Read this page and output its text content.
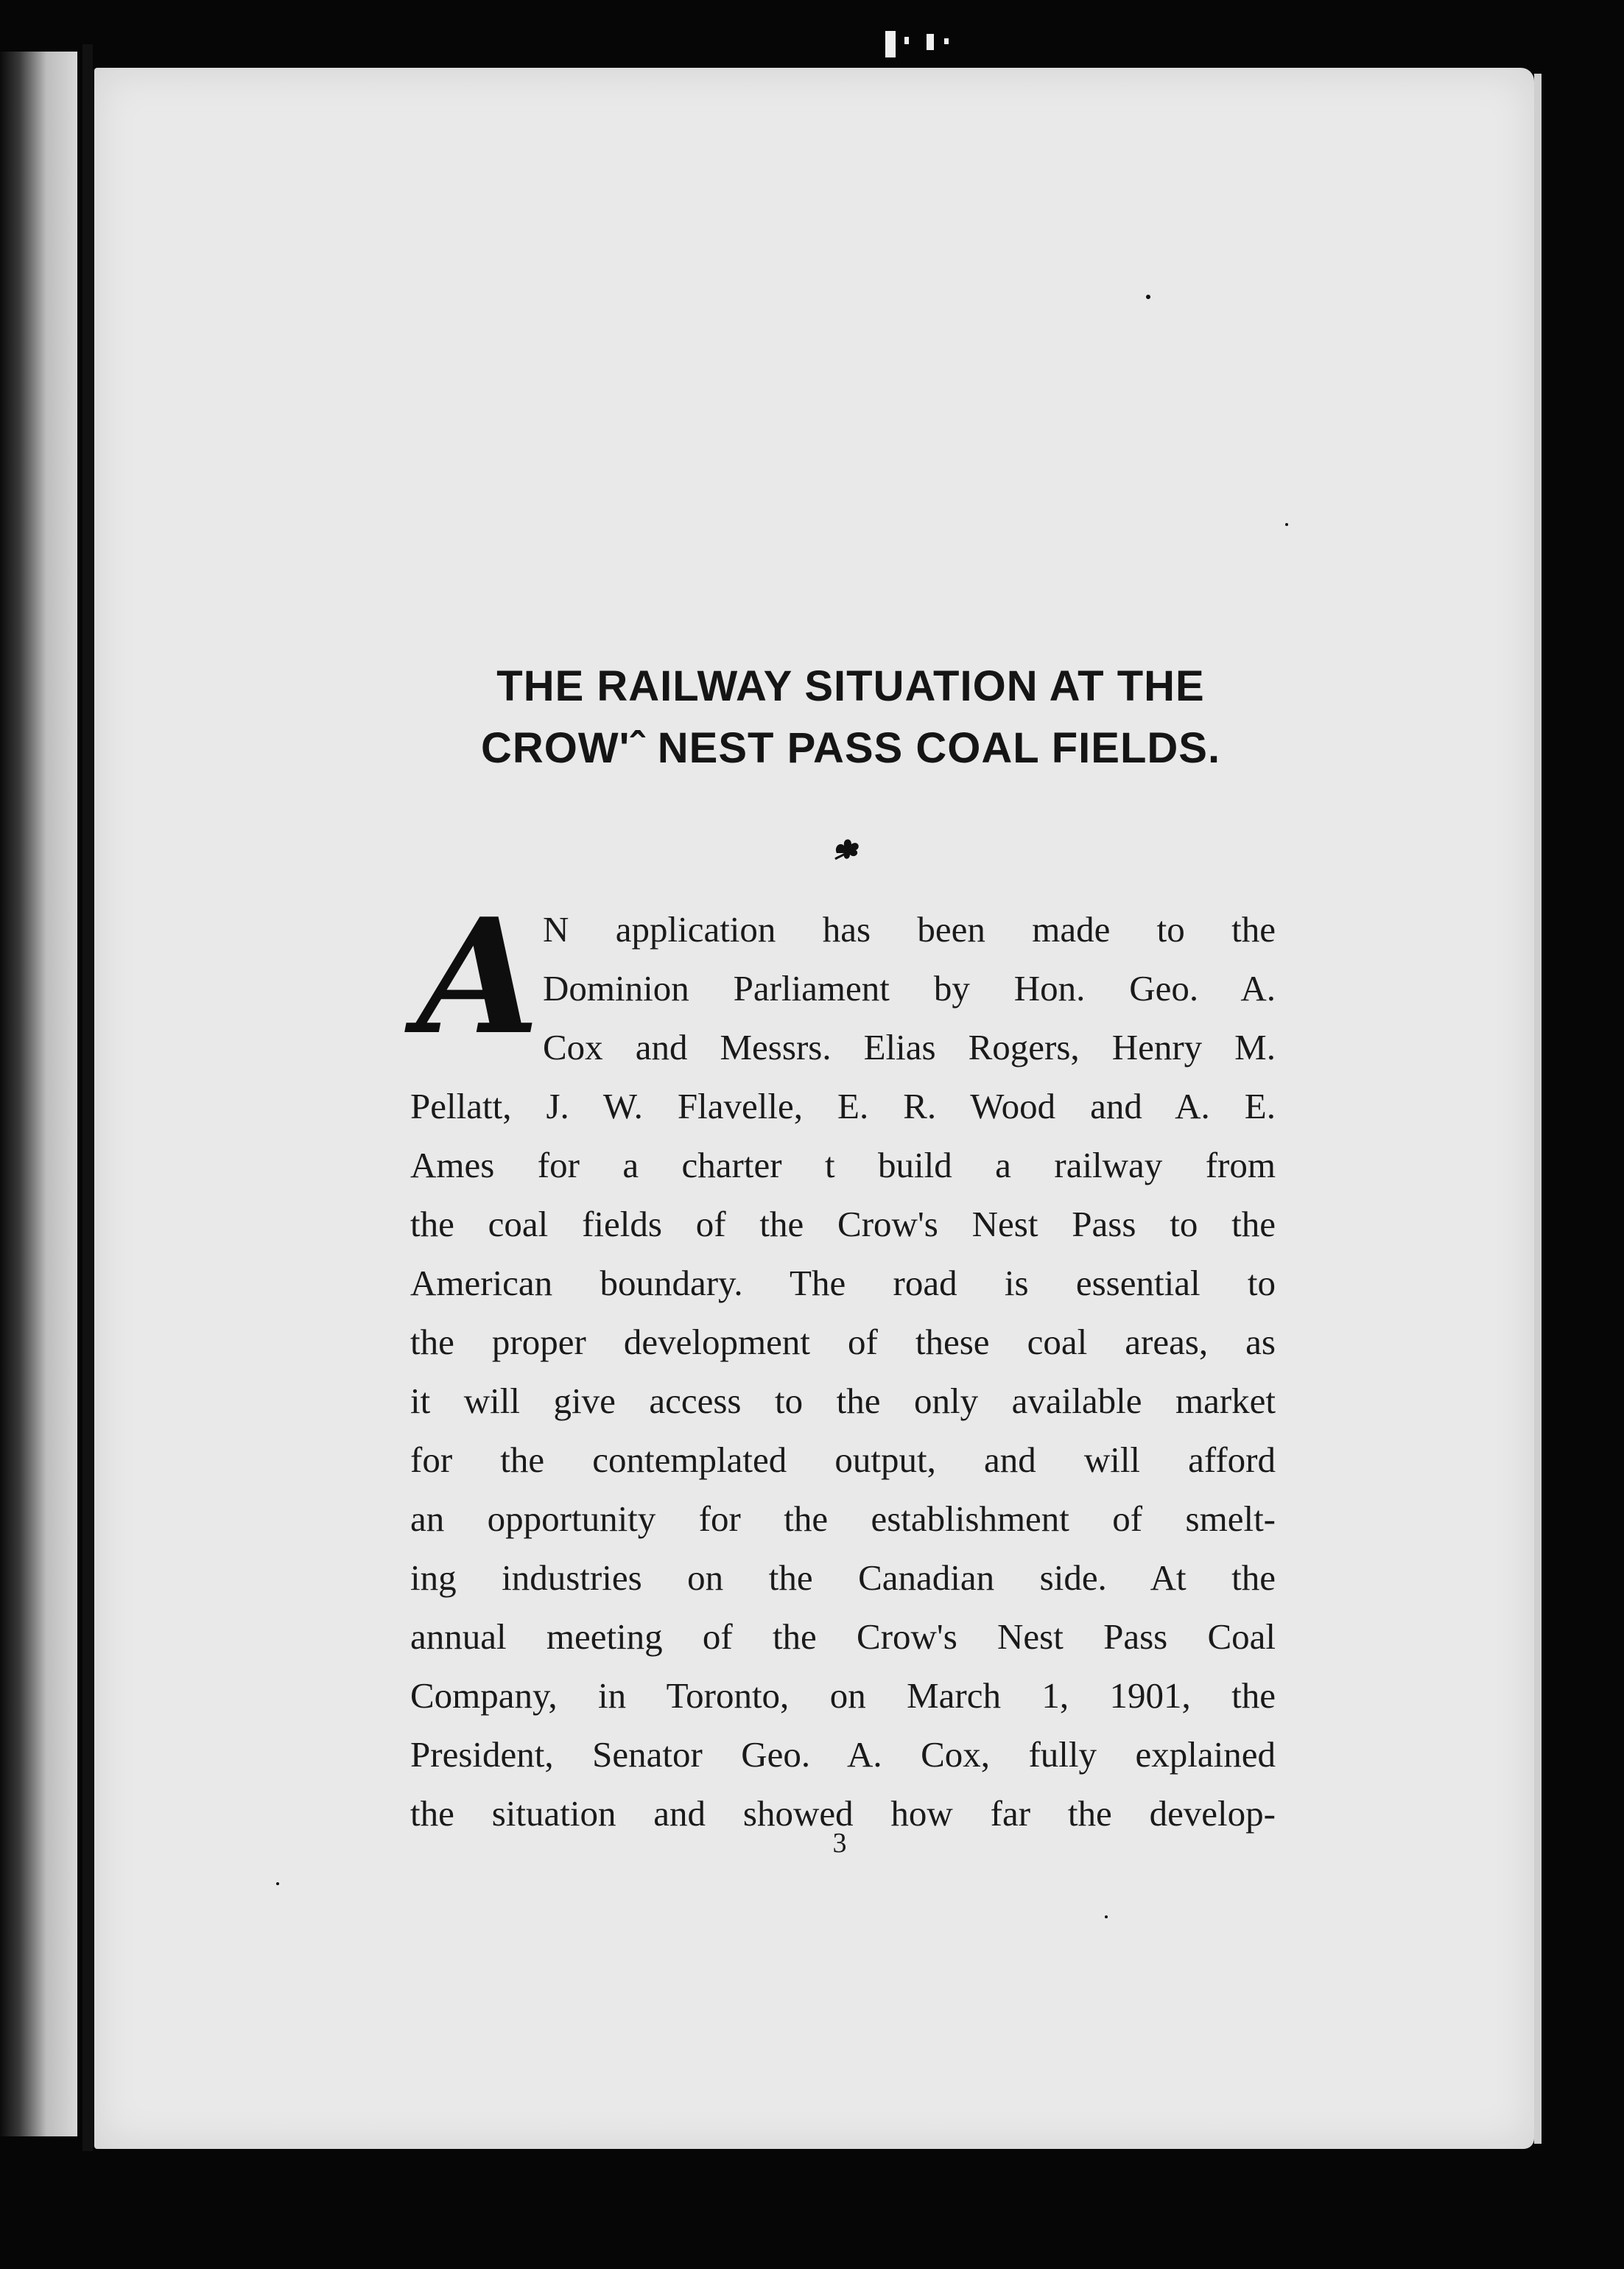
THE RAILWAY SITUATION AT THE
CROW'ˆ NEST PASS COAL FIELDS.
A N application has been made to the
Dominion Parliament by Hon. Geo. A.
Cox and Messrs. Elias Rogers, Henry M.
Pellatt, J. W. Flavelle, E. R. Wood and A. E.
Ames for a charter t build a railway from
the coal fields of the Crow's Nest Pass to the
American boundary. The road is essential to
the proper development of these coal areas, as
it will give access to the only available market
for the contemplated output, and will afford
an opportunity for the establishment of smelt-
ing industries on the Canadian side. At the
annual meeting of the Crow's Nest Pass Coal
Company, in Toronto, on March 1, 1901, the
President, Senator Geo. A. Cox, fully explained
the situation and showed how far the develop-
3
